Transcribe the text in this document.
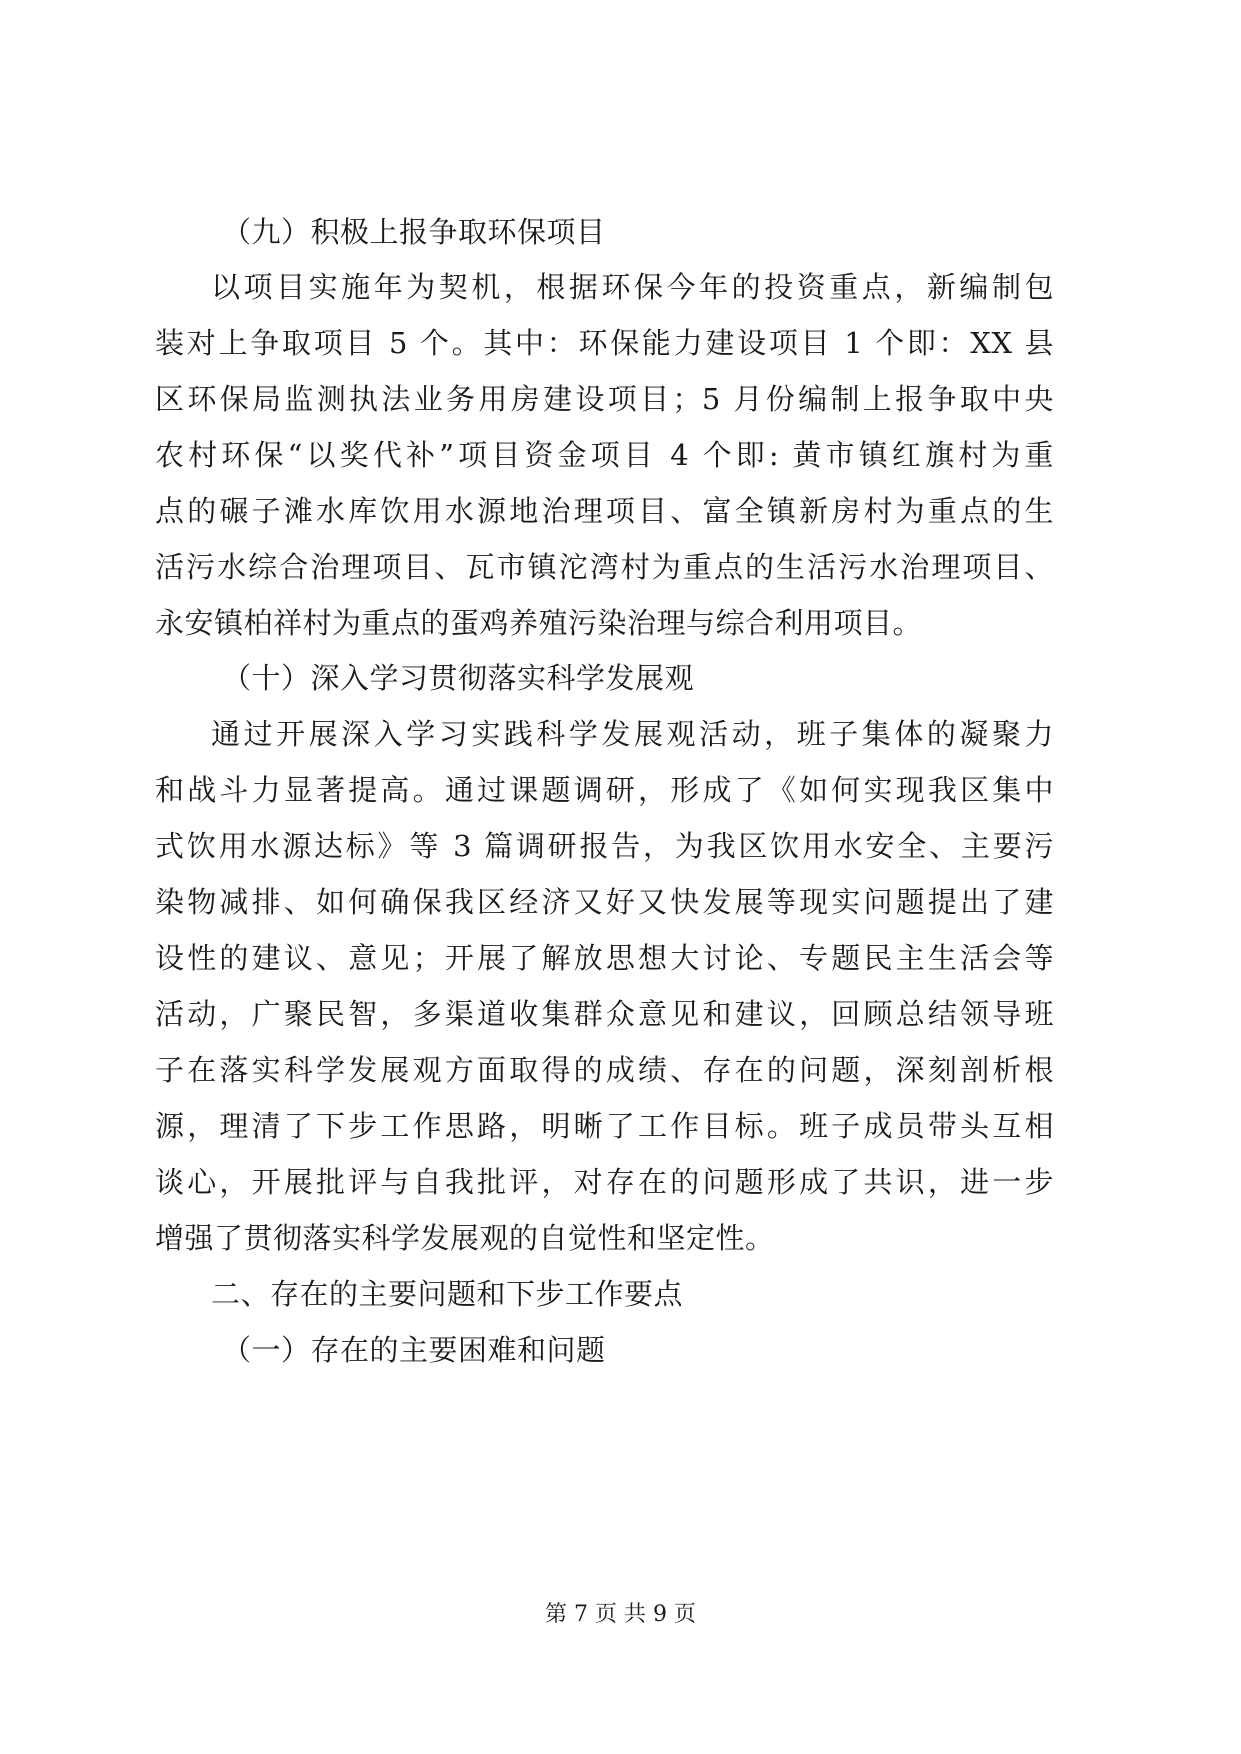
（九）积极上报争取环保项目
以项目实施年为契机，根据环保今年的投资重点，新编制包
装对上争取项目 5 个。其中：环保能力建设项目 1 个即：XX 县
区环保局监测执法业务用房建设项目；5 月份编制上报争取中央
农村环保“以奖代补”项目资金项目 4 个即: 黄市镇红旗村为重
点的碾子滩水库饮用水源地治理项目、富全镇新房村为重点的生
活污水综合治理项目、瓦市镇沱湾村为重点的生活污水治理项目、
永安镇柏祥村为重点的蛋鸡养殖污染治理与综合利用项目。
（十）深入学习贯彻落实科学发展观
通过开展深入学习实践科学发展观活动，班子集体的凝聚力
和战斗力显著提高。通过课题调研，形成了《如何实现我区集中
式饮用水源达标》等 3 篇调研报告，为我区饮用水安全、主要污
染物减排、如何确保我区经济又好又快发展等现实问题提出了建
设性的建议、意见；开展了解放思想大讨论、专题民主生活会等
活动，广聚民智，多渠道收集群众意见和建议，回顾总结领导班
子在落实科学发展观方面取得的成绩、存在的问题，深刻剖析根
源，理清了下步工作思路，明晰了工作目标。班子成员带头互相
谈心，开展批评与自我批评，对存在的问题形成了共识，进一步
增强了贯彻落实科学发展观的自觉性和坚定性。
二、存在的主要问题和下步工作要点
（一）存在的主要困难和问题
第 7 页 共 9 页
